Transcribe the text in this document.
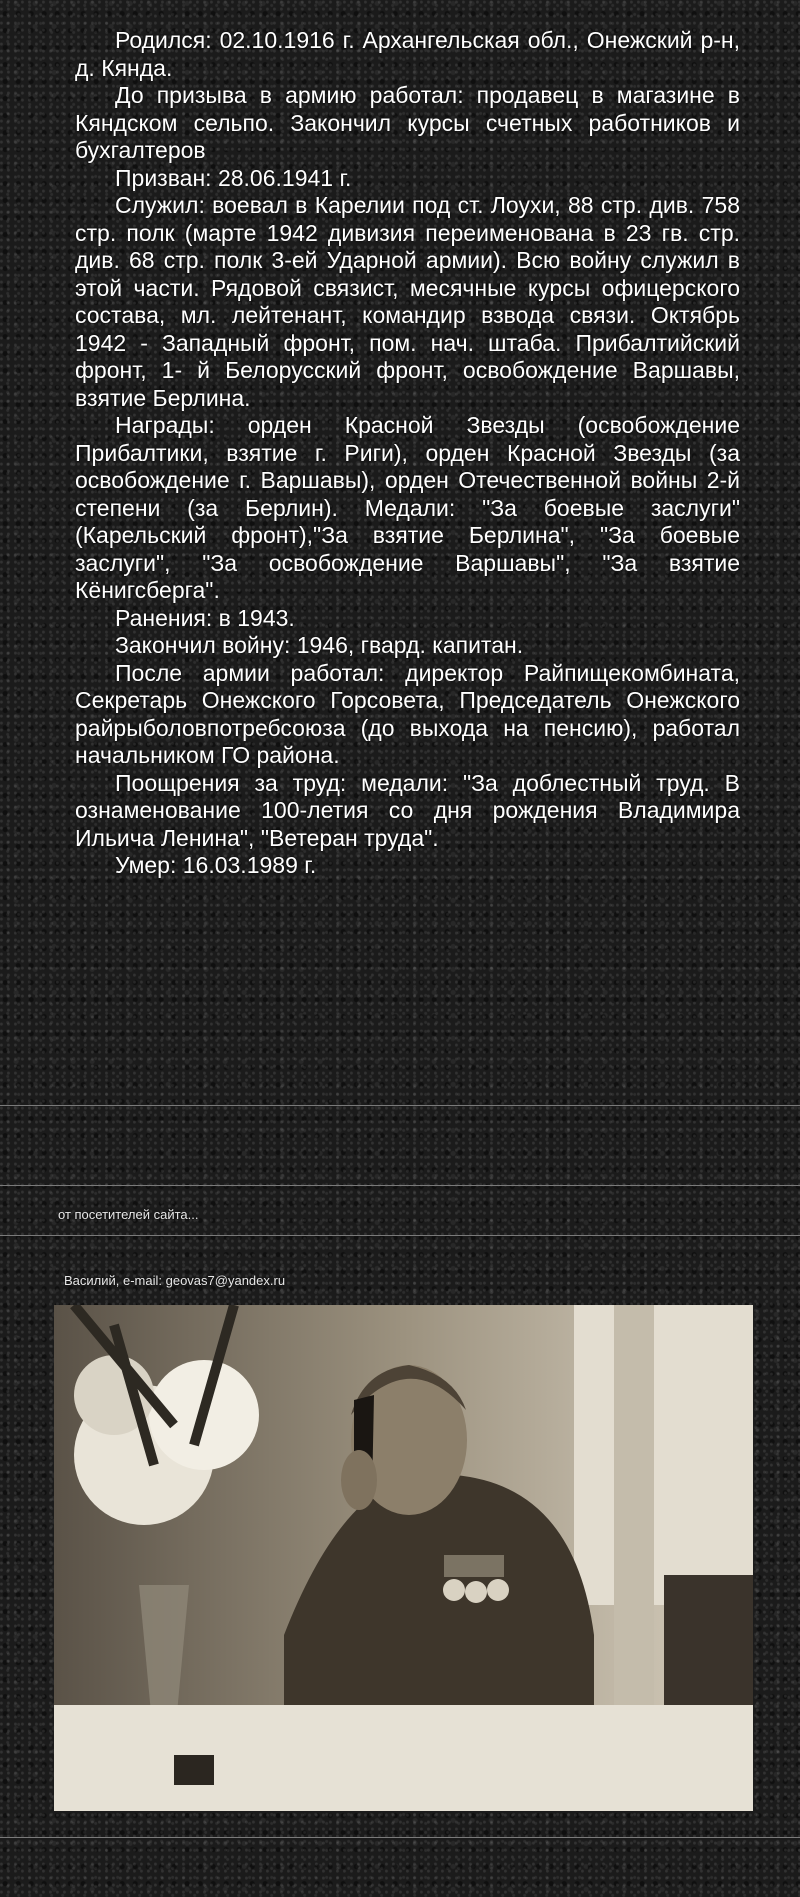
Родился: 02.10.1916 г. Архангельская обл., Онежский р-н, д. Кянда.

До призыва в армию работал: продавец в магазине в Кяндском сельпо. Закончил курсы счетных работников и бухгалтеров

Призван: 28.06.1941 г.

Служил: воевал в Карелии под ст. Лоухи, 88 стр. див. 758 стр. полк (марте 1942 дивизия переименована в 23 гв. стр. див. 68 стр. полк 3-ей Ударной армии). Всю войну служил в этой части. Рядовой связист, месячные курсы офицерского состава, мл. лейтенант, командир взвода связи. Октябрь 1942 - Западный фронт, пом. нач. штаба. Прибалтийский фронт, 1- й Белорусский фронт, освобождение Варшавы, взятие Берлина.

Награды: орден Красной Звезды (освобождение Прибалтики, взятие г. Риги), орден Красной Звезды (за освобождение г. Варшавы), орден Отечественной войны 2-й степени (за Берлин). Медали: "За боевые заслуги" (Карельский фронт),"За взятие Берлина", "За боевые заслуги", "За освобождение Варшавы", "За взятие Кёнигсберга".

Ранения: в 1943.

Закончил войну: 1946, гвард. капитан.

После армии работал: директор Райпищекомбината, Секретарь Онежского Горсовета, Председатель Онежского райрыболовпотребсоюза (до выхода на пенсию), работал начальником ГО района.

Поощрения за труд: медали: "За доблестный труд. В ознаменование 100-летия со дня рождения Владимира Ильича Ленина", "Ветеран труда".

Умер: 16.03.1989 г.

от посетителей сайта...
Василий, e-mail: geovas7@yandex.ru
